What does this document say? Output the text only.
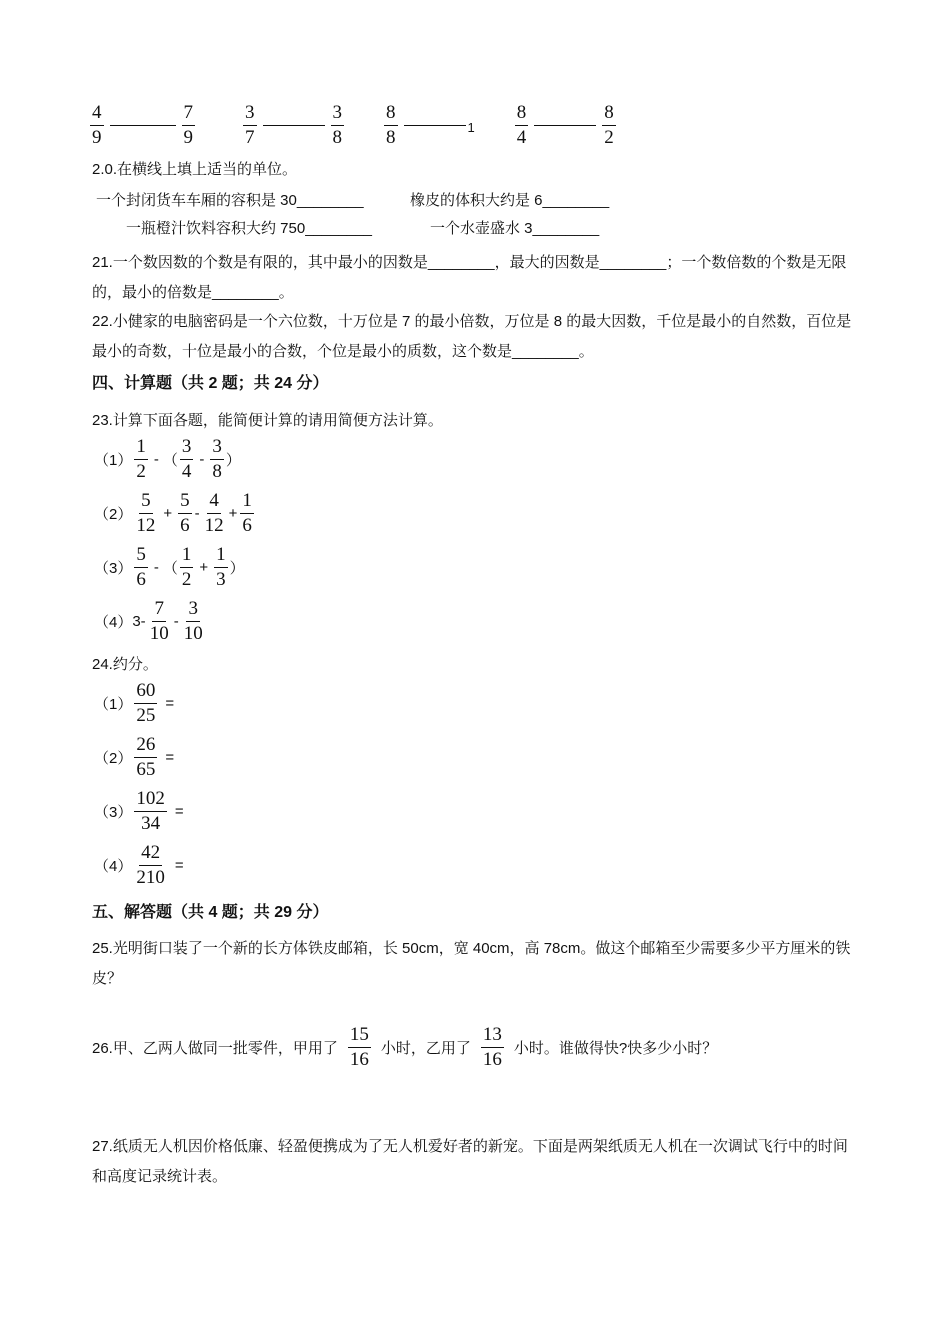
$\frac{4}{9}$	$\frac{7}{9}$	$\frac{3}{7}$	$\frac{3}{8} \frac{8}{8}$	$1 \frac{8}{4}$	$\frac{8}{2}$
2.0.在横线上填上适当的单位。
一个封闭货车车厢的容积是 30________	橡皮的体积大约是 6________
一瓶橙汁饮料容积大约 750________	一个水壶盛水 3________
21.一个数因数的个数是有限的，其中最小的因数是________，最大的因数是________；一个数倍数的个数是无限的，最小的倍数是________。
22.小健家的电脑密码是一个六位数，十万位是 7 的最小倍数，万位是 8 的最大因数，千位是最小的自然数，百位是最小的奇数，十位是最小的合数，个位是最小的质数，这个数是________。
四、计算题（共 2 题；共 24 分）
23.计算下面各题，能简便计算的请用简便方法计算。
$(1) \frac{1}{2}$ - （ $\frac{3}{4} - \frac{3}{8}$ ）
$(2) \frac{5}{12} + \frac{5}{6} - \frac{4}{12} + \frac{1}{6}$
$(3) \frac{5}{6}$ - （ $\frac{1}{2} + \frac{1}{3}$ ）
（4） $3- \frac{7}{10} - \frac{3}{10}$
24.约分。
$(1) \frac{60}{25}$ =
$(2) \frac{26}{65}$ =
$(3) \frac{102}{34}$ =
$(4) \frac{42}{210}$ =
五、解答题（共 4 题；共 29 分）
25.光明街口装了一个新的长方体铁皮邮箱，长 50cm，宽 40cm，高 78cm。做这个邮箱至少需要多少平方厘米的铁皮？
26.甲、乙两人做同一批零件，甲用了 $\frac{15}{16}$ 小时，乙用了 $\frac{13}{16}$ 小时。谁做得快?快多少小时？
27.纸质无人机因价格低廉、轻盈便携成为了无人机爱好者的新宠。下面是两架纸质无人机在一次调试飞行中的时间和高度记录统计表。
